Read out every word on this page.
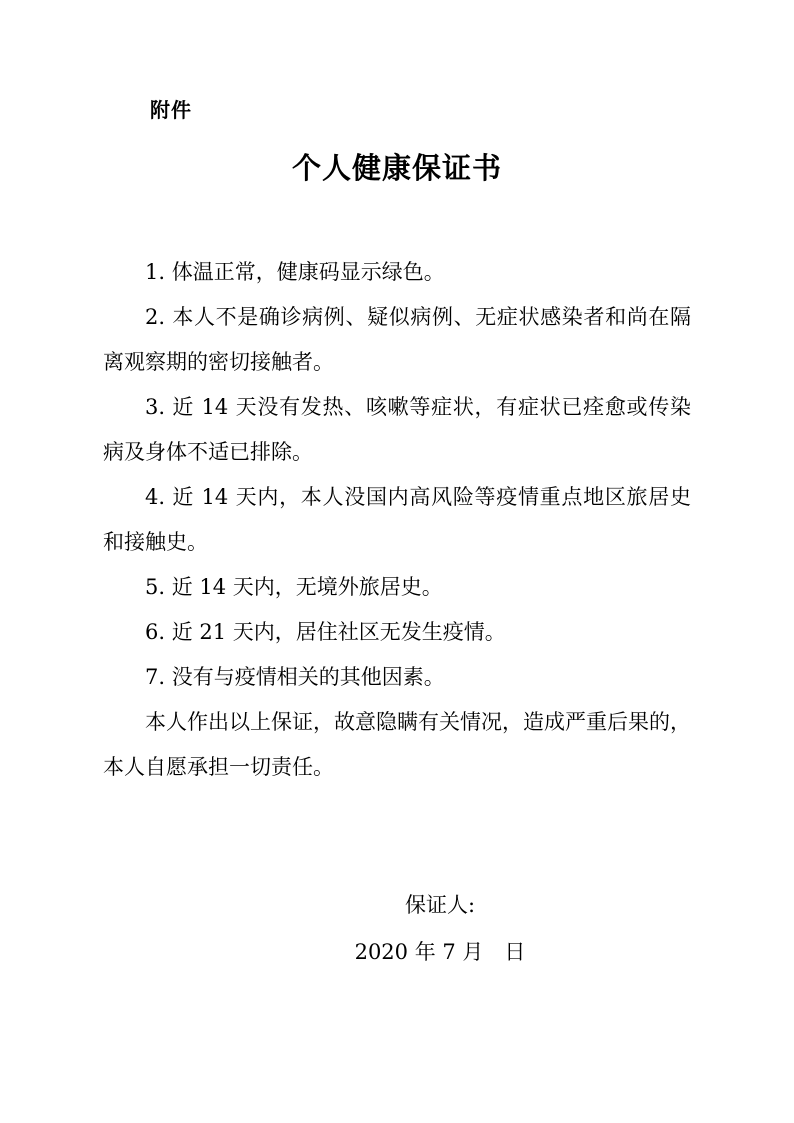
附件
个人健康保证书

1. 体温正常，健康码显示绿色。

2. 本人不是确诊病例、疑似病例、无症状感染者和尚在隔离观察期的密切接触者。

3. 近 14 天没有发热、咳嗽等症状，有症状已痊愈或传染病及身体不适已排除。

4. 近 14 天内，本人没国内高风险等疫情重点地区旅居史和接触史。

5. 近 14 天内，无境外旅居史。

6. 近 21 天内，居住社区无发生疫情。

7. 没有与疫情相关的其他因素。

本人作出以上保证，故意隐瞒有关情况，造成严重后果的，本人自愿承担一切责任。

保证人:
2020 年 7 月　日
